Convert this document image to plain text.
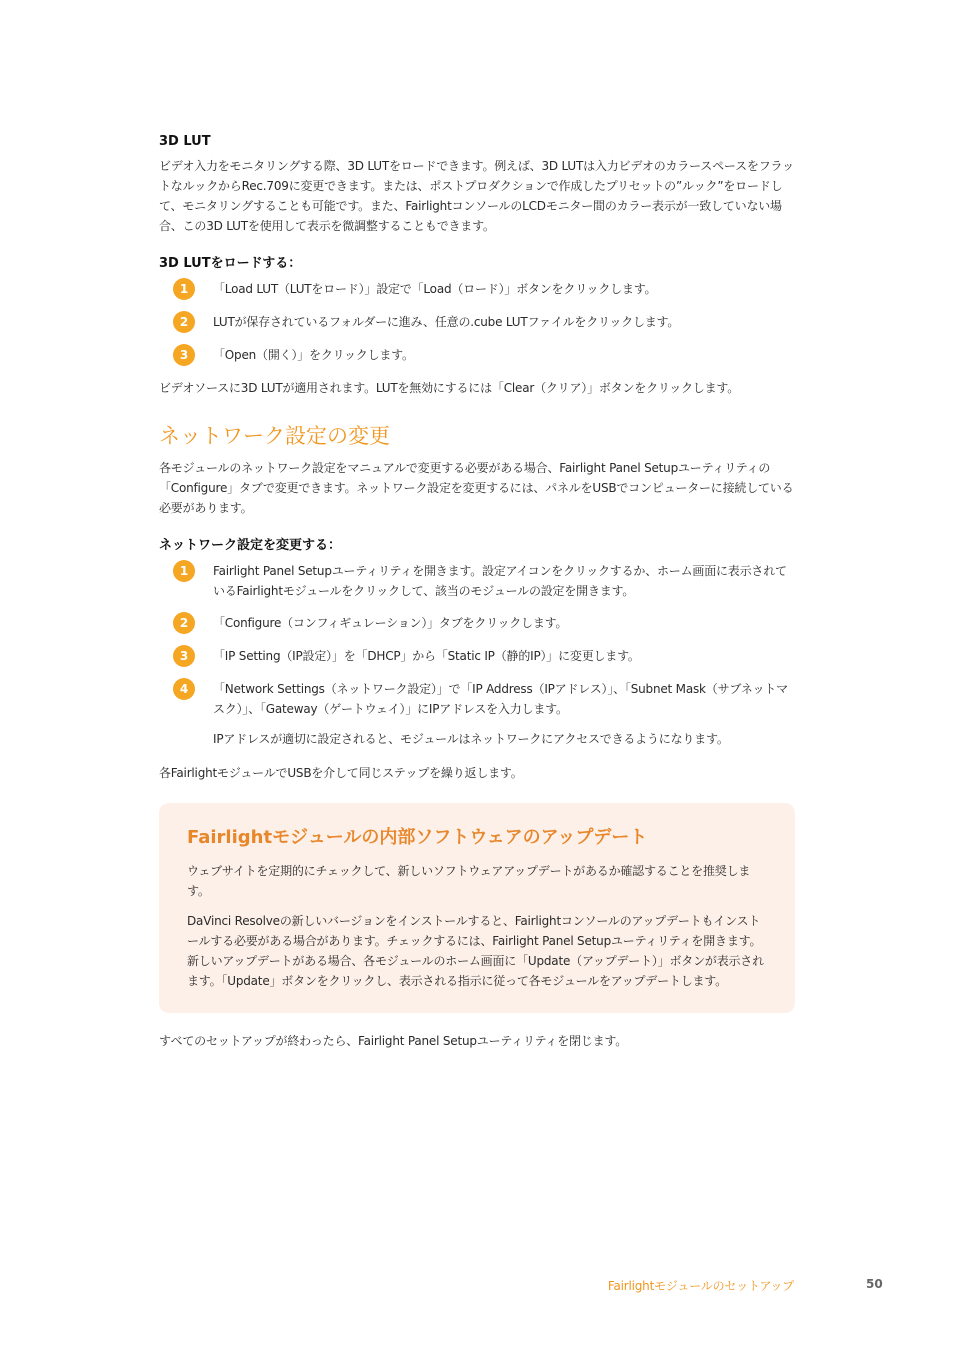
3D LUT

ビデオ入力をモニタリングする際、3D LUTをロードできます。例えば、3D LUTは入力ビデオのカラースペースをフラットなルックからRec.709に変更できます。または、ポストプロダクションで作成したプリセットの”ルック”をロードして、モニタリングすることも可能です。また、FairlightコンソールのLCDモニター間のカラー表示が一致していない場合、この3D LUTを使用して表示を微調整することもできます。

3D LUTをロードする：
1	「Load LUT（LUTをロード）」設定で「Load（ロード）」ボタンをクリックします。
2	LUTが保存されているフォルダーに進み、任意の.cube LUTファイルをクリックします。
3	「Open（開く）」をクリックします。

ビデオソースに3D LUTが適用されます。LUTを無効にするには「Clear（クリア）」ボタンをクリックします。

ネットワーク設定の変更

各モジュールのネットワーク設定をマニュアルで変更する必要がある場合、Fairlight Panel Setupユーティリティの「Configure」タブで変更できます。ネットワーク設定を変更するには、パネルをUSBでコンピューターに接続している必要があります。

ネットワーク設定を変更する：
1	Fairlight Panel Setupユーティリティを開きます。設定アイコンをクリックするか、ホーム画面に表示されているFairlightモジュールをクリックして、該当のモジュールの設定を開きます。
2	「Configure（コンフィギュレーション）」タブをクリックします。
3	「IP Setting（IP設定）」を「DHCP」から「Static IP（静的IP）」に変更します。
4	「Network Settings（ネットワーク設定）」で「IP Address（IPアドレス）」、「Subnet Mask（サブネットマスク）」、「Gateway（ゲートウェイ）」にIPアドレスを入力します。

IPアドレスが適切に設定されると、モジュールはネットワークにアクセスできるようになります。

各FairlightモジュールでUSBを介して同じステップを繰り返します。

Fairlightモジュールの内部ソフトウェアのアップデート

ウェブサイトを定期的にチェックして、新しいソフトウェアアップデートがあるか確認することを推奨します。

DaVinci Resolveの新しいバージョンをインストールすると、Fairlightコンソールのアップデートもインストールする必要がある場合があります。チェックするには、Fairlight Panel Setupユーティリティを開きます。新しいアップデートがある場合、各モジュールのホーム画面に「Update（アップデート）」ボタンが表示されます。「Update」ボタンをクリックし、表示される指示に従って各モジュールをアップデートします。

すべてのセットアップが終わったら、Fairlight Panel Setupユーティリティを閉じます。

Fairlightモジュールのセットアップ	50
